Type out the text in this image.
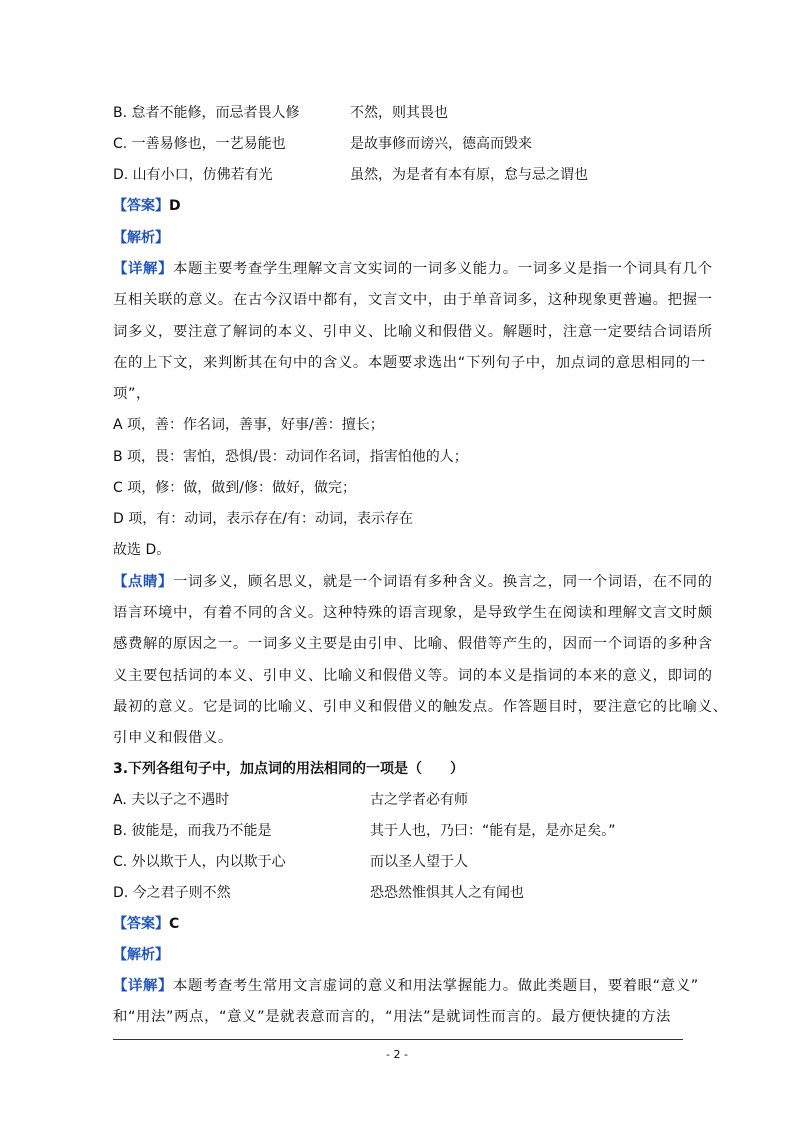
B. 怠者不能修，而忌者畏人修	不然，则其畏也
C. 一善易修也，一艺易能也	是故事修而谤兴，德高而毁来
D. 山有小口，仿佛若有光	虽然，为是者有本有原，怠与忌之谓也
【答案】D
【解析】
【详解】本题主要考查学生理解文言文实词的一词多义能力。一词多义是指一个词具有几个
互相关联的意义。在古今汉语中都有，文言文中，由于单音词多，这种现象更普遍。把握一
词多义，要注意了解词的本义、引申义、比喻义和假借义。解题时，注意一定要结合词语所
在的上下文，来判断其在句中的含义。本题要求选出“下列句子中，加点词的意思相同的一
项”，
A 项，善：作名词，善事，好事/善：擅长；
B 项，畏：害怕，恐惧/畏：动词作名词，指害怕他的人；
C 项，修：做，做到/修：做好，做完；
D 项，有：动词，表示存在/有：动词，表示存在
故选 D。
【点睛】一词多义，顾名思义，就是一个词语有多种含义。换言之，同一个词语，在不同的
语言环境中，有着不同的含义。这种特殊的语言现象，是导致学生在阅读和理解文言文时颇
感费解的原因之一。一词多义主要是由引申、比喻、假借等产生的，因而一个词语的多种含
义主要包括词的本义、引申义、比喻义和假借义等。词的本义是指词的本来的意义，即词的
最初的意义。它是词的比喻义、引申义和假借义的触发点。作答题目时，要注意它的比喻义、
引申义和假借义。
3.下列各组句子中，加点词的用法相同的一项是（　　）
A. 夫以子之不遇时	古之学者必有师
B. 彼能是，而我乃不能是	其于人也，乃曰：“能有是，是亦足矣。”
C. 外以欺于人，内以欺于心	而以圣人望于人
D. 今之君子则不然	恐恐然惟惧其人之有闻也
【答案】C
【解析】
【详解】本题考查考生常用文言虚词的意义和用法掌握能力。做此类题目，要着眼“意义”
和“用法”两点，“意义”是就表意而言的，“用法”是就词性而言的。最方便快捷的方法
- 2 -
